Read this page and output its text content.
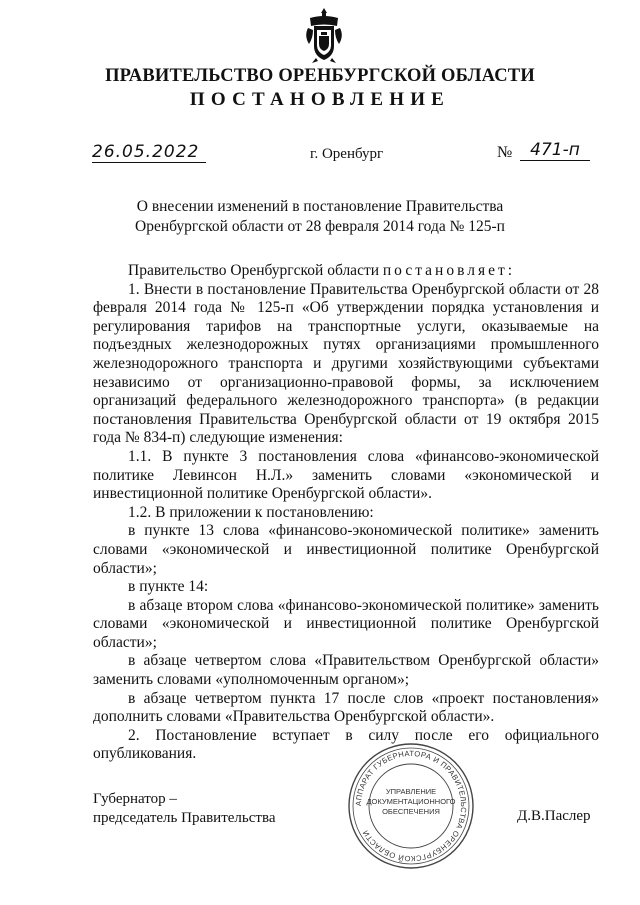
ПРАВИТЕЛЬСТВО ОРЕНБУРГСКОЙ ОБЛАСТИ
ПОСТАНОВЛЕНИЕ
26.05.2022	г. Оренбург	№	471-п
О внесении изменений в постановление Правительства
Оренбургской области от 28 февраля 2014 года № 125-п

Правительство Оренбургской области постановляет:

1. Внести в постановление Правительства Оренбургской области от 28 февраля 2014 года № 125-п «Об утверждении порядка установления и регулирования тарифов на транспортные услуги, оказываемые на подъездных железнодорожных путях организациями промышленного железнодорожного транспорта и другими хозяйствующими субъектами независимо от организационно-правовой формы, за исключением организаций федерального железнодорожного транспорта» (в редакции постановления Правительства Оренбургской области от 19 октября 2015 года № 834-п) следующие изменения:

1.1. В пункте 3 постановления слова «финансово-экономической политике Левинсон Н.Л.» заменить словами «экономической и инвестиционной политике Оренбургской области».

1.2. В приложении к постановлению:

в пункте 13 слова «финансово-экономической политике» заменить словами «экономической и инвестиционной политике Оренбургской области»;

в пункте 14:

в абзаце втором слова «финансово-экономической политике» заменить словами «экономической и инвестиционной политике Оренбургской области»;

в абзаце четвертом слова «Правительством Оренбургской области» заменить словами «уполномоченным органом»;

в абзаце четвертом пункта 17 после слов «проект постановления» дополнить словами «Правительства Оренбургской области».

2. Постановление вступает в силу после его официального опубликования.

Губернатор –
председатель Правительства	Д.В.Паслер
АППАРАТ ГУБЕРНАТОРА И ПРАВИТЕЛЬСТВА ОРЕНБУРГСКОЙ ОБЛАСТИ
УПРАВЛЕНИЕ
ДОКУМЕНТАЦИОННОГО
ОБЕСПЕЧЕНИЯ
